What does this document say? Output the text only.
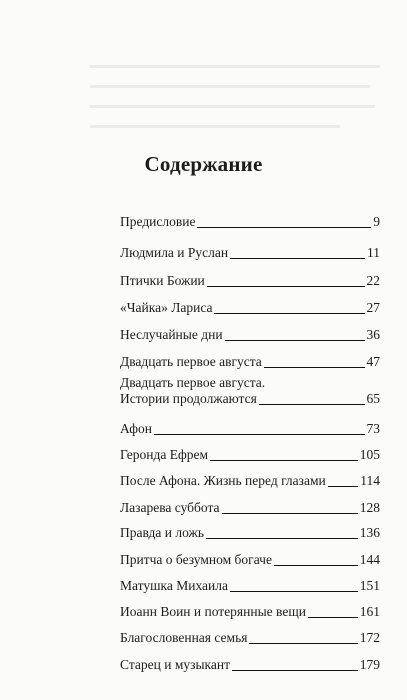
Содержание
Предисловие	9
Людмила и Руслан	11
Птички Божии	22
«Чайка» Лариса	27
Неслучайные дни	36
Двадцать первое августа	47
Двадцать первое августа.
Истории продолжаются	65
Афон	73
Геронда Ефрем	105
После Афона. Жизнь перед глазами	114
Лазарева суббота	128
Правда и ложь	136
Притча о безумном богаче	144
Матушка Михаила	151
Иоанн Воин и потерянные вещи	161
Благословенная семья	172
Старец и музыкант	179
